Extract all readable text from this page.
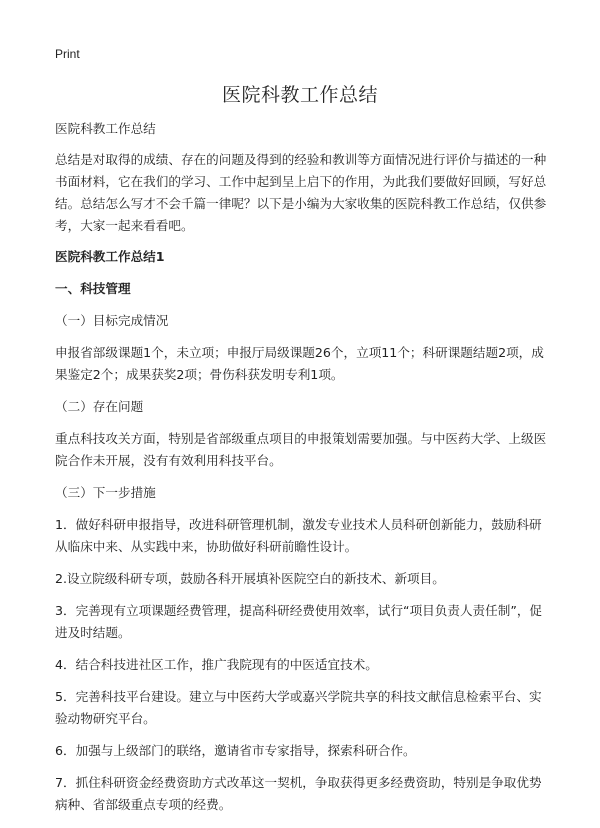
Print
医院科教工作总结

医院科教工作总结

总结是对取得的成绩、存在的问题及得到的经验和教训等方面情况进行评价与描述的一种书面材料，它在我们的学习、工作中起到呈上启下的作用，为此我们要做好回顾，写好总结。总结怎么写才不会千篇一律呢？以下是小编为大家收集的医院科教工作总结，仅供参考，大家一起来看看吧。

医院科教工作总结1

一、科技管理

（一）目标完成情况

申报省部级课题1个，未立项；申报厅局级课题26个，立项11个；科研课题结题2项，成果鉴定2个；成果获奖2项；骨伤科获发明专利1项。

（二）存在问题

重点科技攻关方面，特别是省部级重点项目的申报策划需要加强。与中医药大学、上级医院合作未开展，没有有效利用科技平台。

（三）下一步措施

1．做好科研申报指导，改进科研管理机制，激发专业技术人员科研创新能力，鼓励科研从临床中来、从实践中来，协助做好科研前瞻性设计。

2.设立院级科研专项，鼓励各科开展填补医院空白的新技术、新项目。

3．完善现有立项课题经费管理，提高科研经费使用效率，试行“项目负责人责任制”，促进及时结题。

4．结合科技进社区工作，推广我院现有的中医适宜技术。

5．完善科技平台建设。建立与中医药大学或嘉兴学院共享的科技文献信息检索平台、实验动物研究平台。

6．加强与上级部门的联络，邀请省市专家指导，探索科研合作。

7．抓住科研资金经费资助方式改革这一契机，争取获得更多经费资助，特别是争取优势病种、省部级重点专项的经费。
